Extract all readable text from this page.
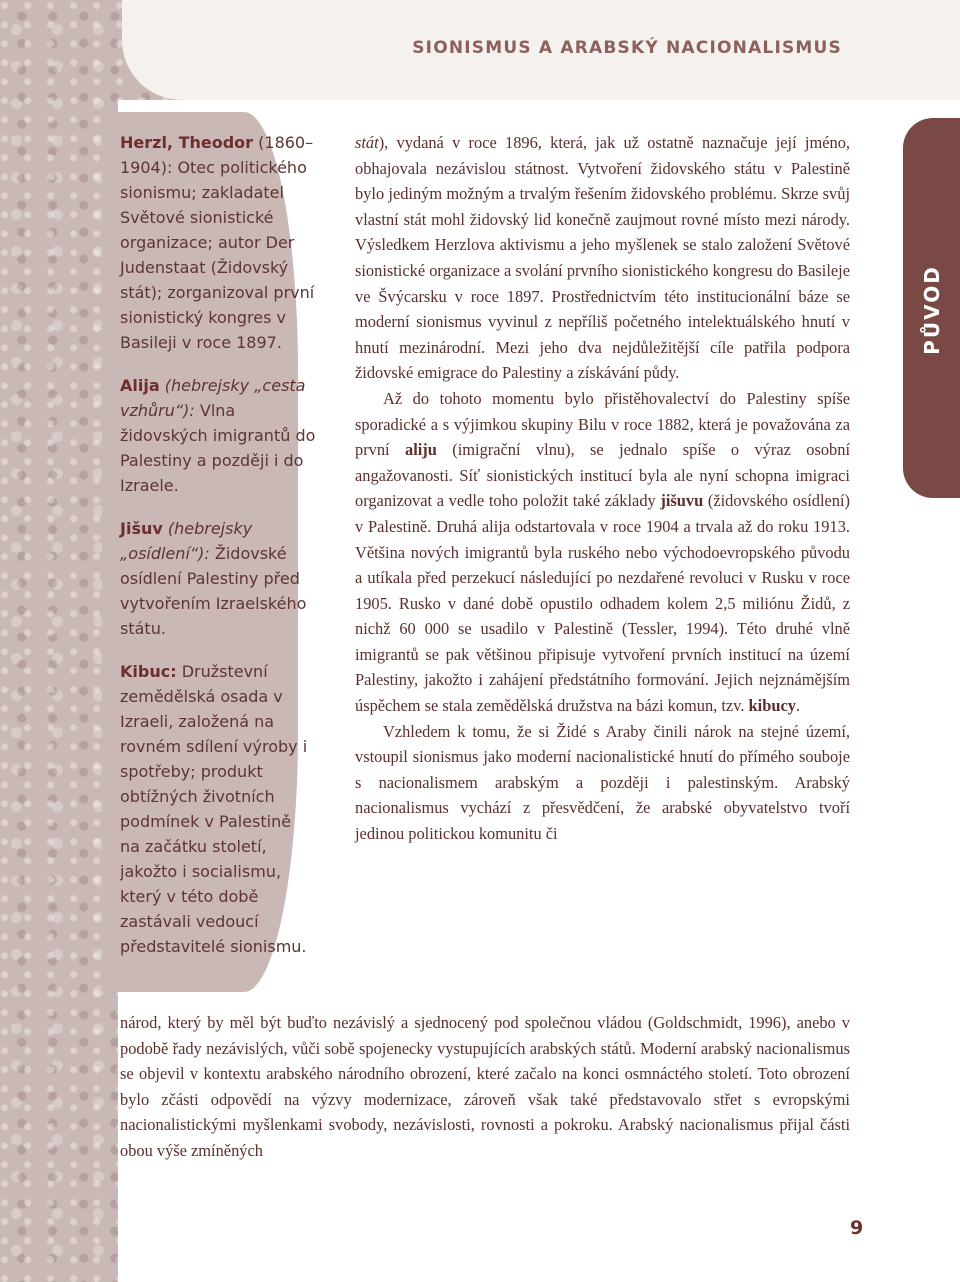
SIONISMUS A ARABSKÝ NACIONALISMUS

Herzl, Theodor (1860–1904): Otec politického sionismu; zakladatel Světové sionistické organizace; autor Der Judenstaat (Židovský stát); zorganizoval první sionistický kongres v Basileji v roce 1897.

Alija (hebrejsky „cesta vzhůru“): Vlna židovských imigrantů do Palestiny a později i do Izraele.

Jišuv (hebrejsky „osídlení“): Židovské osídlení Palestiny před vytvořením Izraelského státu.

Kibuc: Družstevní zemědělská osada v Izraeli, založená na rovném sdílení výroby i spotřeby; produkt obtížných životních podmínek v Palestině na začátku století, jakožto i socialismu, který v této době zastávali vedoucí představitelé sionismu.

stát), vydaná v roce 1896, která, jak už ostatně naznačuje její jméno, obhajovala nezávislou státnost. Vytvoření židovského státu v Palestině bylo jediným možným a trvalým řešením židovského problému. Skrze svůj vlastní stát mohl židovský lid konečně zaujmout rovné místo mezi národy. Výsledkem Herzlova aktivismu a jeho myšlenek se stalo založení Světové sionistické organizace a svolání prvního sionistického kongresu do Basileje ve Švýcarsku v roce 1897. Prostřednictvím této institucionální báze se moderní sionismus vyvinul z nepříliš početného intelektuálského hnutí v hnutí mezinárodní. Mezi jeho dva nejdůležitější cíle patřila podpora židovské emigrace do Palestiny a získávání půdy.

Až do tohoto momentu bylo přistěhovalectví do Palestiny spíše sporadické a s výjimkou skupiny Bilu v roce 1882, která je považována za první aliju (imigrační vlnu), se jednalo spíše o výraz osobní angažovanosti. Síť sionistických institucí byla ale nyní schopna imigraci organizovat a vedle toho položit také základy jišuvu (židovského osídlení) v Palestině. Druhá alija odstartovala v roce 1904 a trvala až do roku 1913. Většina nových imigrantů byla ruského nebo východoevropského původu a utíkala před perzekucí následující po nezdařené revoluci v Rusku v roce 1905. Rusko v dané době opustilo odhadem kolem 2,5 miliónu Židů, z nichž 60 000 se usadilo v Palestině (Tessler, 1994). Této druhé vlně imigrantů se pak většinou připisuje vytvoření prvních institucí na území Palestiny, jakožto i zahájení předstátního formování. Jejich nejznámějším úspěchem se stala zemědělská družstva na bázi komun, tzv. kibucy.

Vzhledem k tomu, že si Židé s Araby činili nárok na stejné území, vstoupil sionismus jako moderní nacionalistické hnutí do přímého souboje s nacionalismem arabským a později i palestinským. Arabský nacionalismus vychází z přesvědčení, že arabské obyvatelstvo tvoří jedinou politickou komunitu či

národ, který by měl být buďto nezávislý a sjednocený pod společnou vládou (Goldschmidt, 1996), anebo v podobě řady nezávislých, vůči sobě spojenecky vystupujících arabských států. Moderní arabský nacionalismus se objevil v kontextu arabského národního obrození, které začalo na konci osmnáctého století. Toto obrození bylo zčásti odpovědí na výzvy modernizace, zároveň však také představovalo střet s evropskými nacionalistickými myšlenkami svobody, nezávislosti, rovnosti a pokroku. Arabský nacionalismus přijal části obou výše zmíněných

PŮVOD
9
